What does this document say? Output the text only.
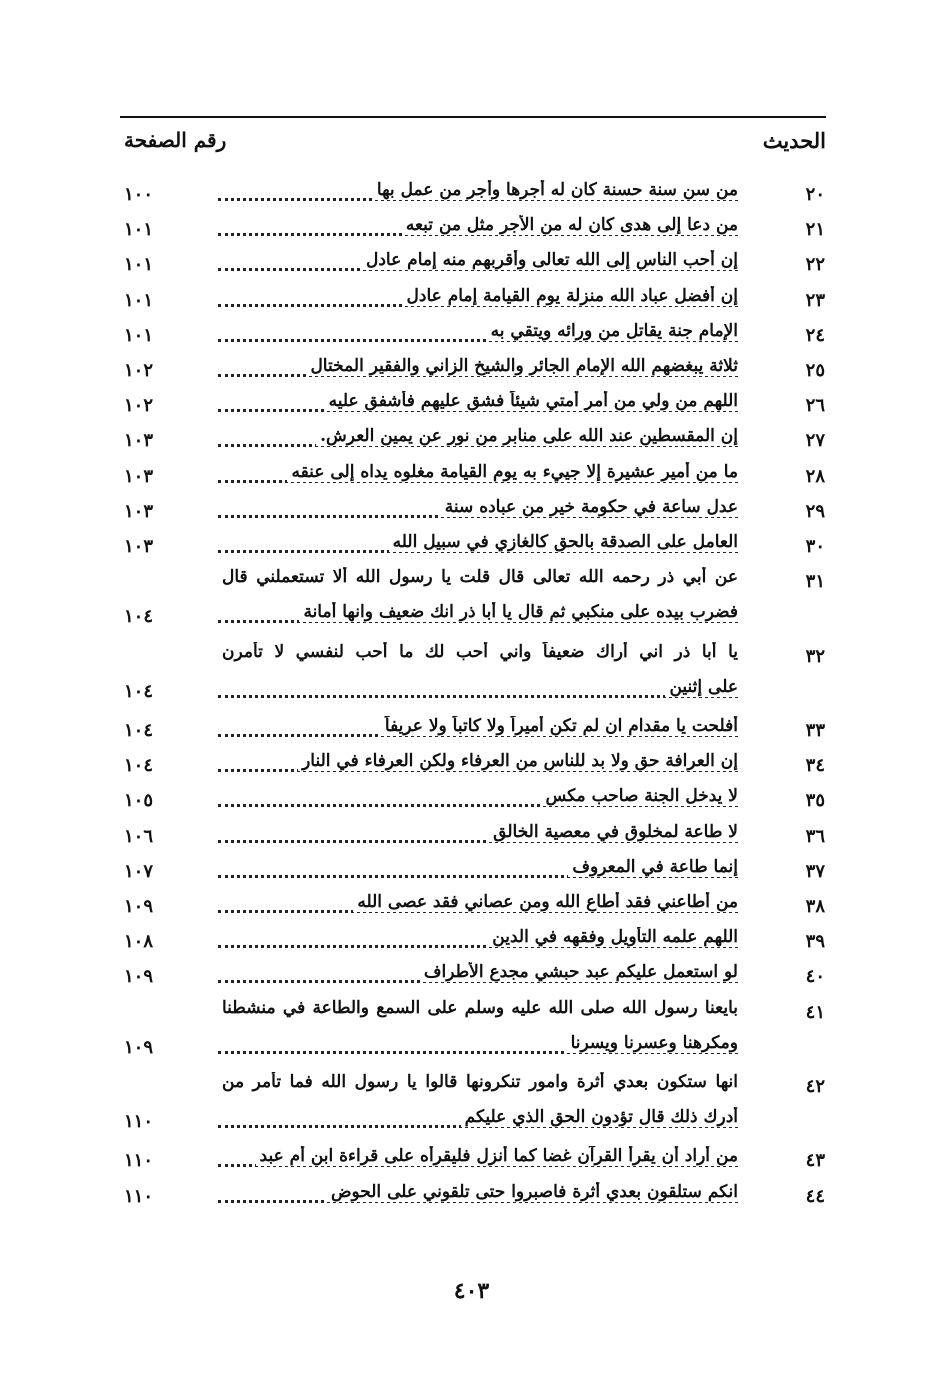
الحديث
رقم الصفحة
٢٠
من سن سنة حسنة كان له أجرها وأجر من عمل بها
١٠٠
٢١
من دعا إلى هدى كان له من الأجر مثل من تبعه
١٠١
٢٢
إن أحب الناس إلى الله تعالى وأقربهم منه إمام عادل
١٠١
٢٣
إن أفضل عباد الله منزلة يوم القيامة إمام عادل
١٠١
٢٤
الإمام جنة يقاتل من ورائه ويتقي به
١٠١
٢٥
ثلاثة يبغضهم الله الإمام الجائر والشيخ الزاني والفقير المختال
١٠٢
٢٦
اللهم من ولي من أمر أمتي شيئاً فشق عليهم فأشفق عليه
١٠٢
٢٧
إن المقسطين عند الله على منابر من نور عن يمين العرش.
١٠٣
٢٨
ما من أمير عشيرة إلا جييء به يوم القيامة مغلوه يداه إلى عنقه
١٠٣
٢٩
عدل ساعة في حكومة خير من عباده سنة
١٠٣
٣٠
العامل على الصدقة بالحق كالغازي في سبيل الله
١٠٣
٣١
عن أبي ذر رحمه الله تعالى قال قلت يا رسول الله ألا تستعملني قال
فضرب بيده على منكبي ثم قال يا أبا ذر انك ضعيف وانها أمانة
١٠٤
٣٢
يا أبا ذر اني أراك ضعيفاً واني أحب لك ما أحب لنفسي لا تأمرن
على إثنين
١٠٤
٣٣
أفلحت يا مقدام ان لم تكن أميراً ولا كاتباً ولا عريفاً
١٠٤
٣٤
إن العرافة حق ولا بد للناس من العرفاء ولكن العرفاء في النار
١٠٤
٣٥
لا يدخل الجنة صاحب مكس
١٠٥
٣٦
لا طاعة لمخلوق في معصية الخالق
١٠٦
٣٧
إنما طاعة في المعروف
١٠٧
٣٨
من أطاعني فقد أطاع الله ومن عصاني فقد عصى الله
١٠٩
٣٩
اللهم علمه التأويل وفقهه في الدين
١٠٨
٤٠
لو استعمل عليكم عبد حبشي مجدع الأطراف
١٠٩
٤١
بايعنا رسول الله صلى الله عليه وسلم على السمع والطاعة في منشطنا
ومكرهنا وعسرنا ويسرنا
١٠٩
٤٢
انها ستكون بعدي أثرة وامور تنكرونها قالوا يا رسول الله فما تأمر من
أدرك ذلك قال تؤدون الحق الذي عليكم
١١٠
٤٣
من أراد أن يقرأ القرآن غضا كما أنزل فليقرأه على قراءة ابن أم عبد
١١٠
٤٤
انكم ستلقون بعدي أثرة فاصبروا حتى تلقوني على الحوض
١١٠
٤٠٣
